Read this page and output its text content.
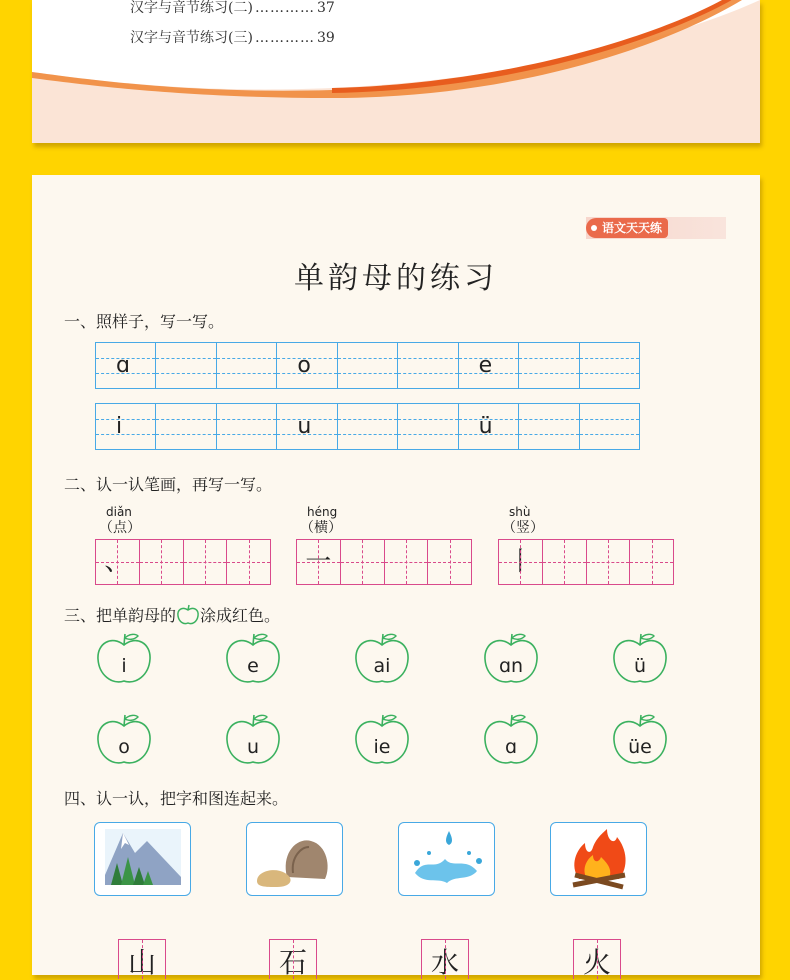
汉字与音节练习(二) ………… 37
汉字与音节练习(三) ………… 39
语文天天练
单韵母的练习
一、照样子，写一写。
ɑ	o	e
i	u	ü
二、认一认笔画，再写一写。
diǎn
（点）
、
héng
（横）
一
shù
（竖）
丨
三、把单韵母的 涂成红色。
i	e	ai	ɑn	ü
o	u	ie	ɑ	üe
四、认一认，把字和图连起来。
山	石	水	火
